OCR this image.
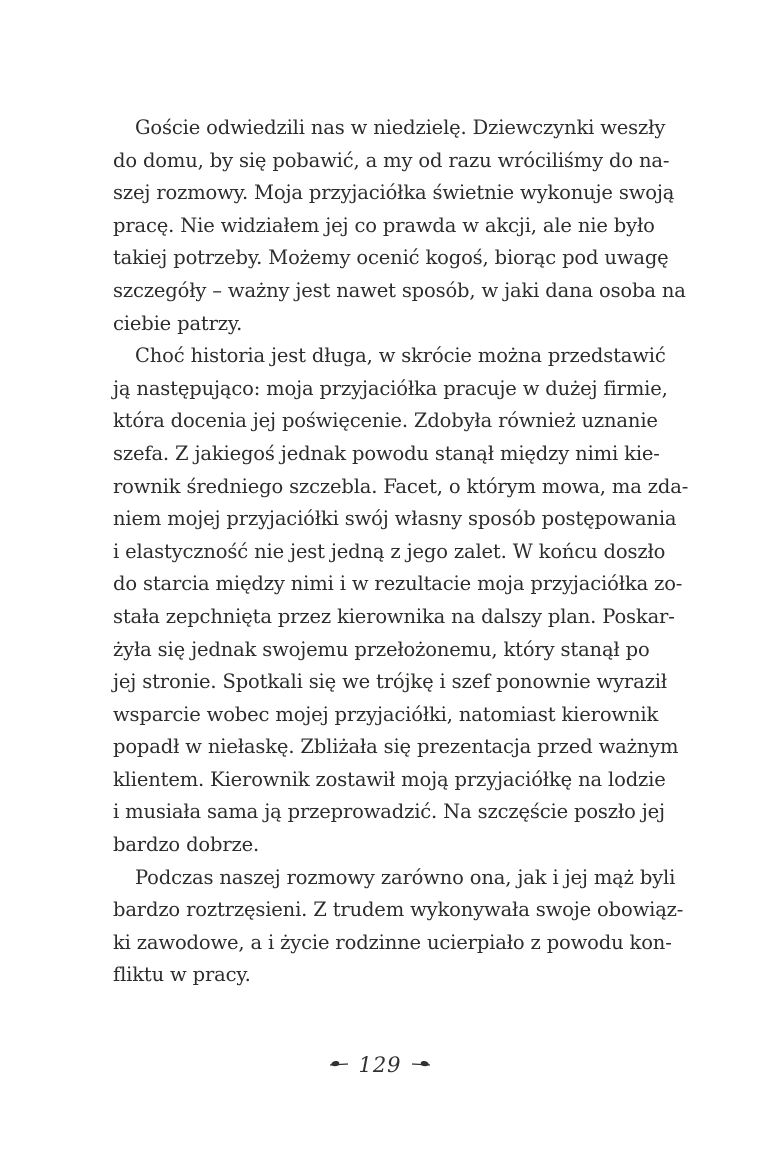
Goście odwiedzili nas w niedzielę. Dziewczynki weszły
do domu, by się pobawić, a my od razu wróciliśmy do na-
szej rozmowy. Moja przyjaciółka świetnie wykonuje swoją
pracę. Nie widziałem jej co prawda w akcji, ale nie było
takiej potrzeby. Możemy ocenić kogoś, biorąc pod uwagę
szczegóły – ważny jest nawet sposób, w jaki dana osoba na
ciebie patrzy.
Choć historia jest długa, w skrócie można przedstawić
ją następująco: moja przyjaciółka pracuje w dużej firmie,
która docenia jej poświęcenie. Zdobyła również uznanie
szefa. Z jakiegoś jednak powodu stanął między nimi kie-
rownik średniego szczebla. Facet, o którym mowa, ma zda-
niem mojej przyjaciółki swój własny sposób postępowania
i elastyczność nie jest jedną z jego zalet. W końcu doszło
do starcia między nimi i w rezultacie moja przyjaciółka zo-
stała zepchnięta przez kierownika na dalszy plan. Poskar-
żyła się jednak swojemu przełożonemu, który stanął po
jej stronie. Spotkali się we trójkę i szef ponownie wyraził
wsparcie wobec mojej przyjaciółki, natomiast kierownik
popadł w niełaskę. Zbliżała się prezentacja przed ważnym
klientem. Kierownik zostawił moją przyjaciółkę na lodzie
i musiała sama ją przeprowadzić. Na szczęście poszło jej
bardzo dobrze.
Podczas naszej rozmowy zarówno ona, jak i jej mąż byli
bardzo roztrzęsieni. Z trudem wykonywała swoje obowiąz-
ki zawodowe, a i życie rodzinne ucierpiało z powodu kon-
fliktu w pracy.
129
